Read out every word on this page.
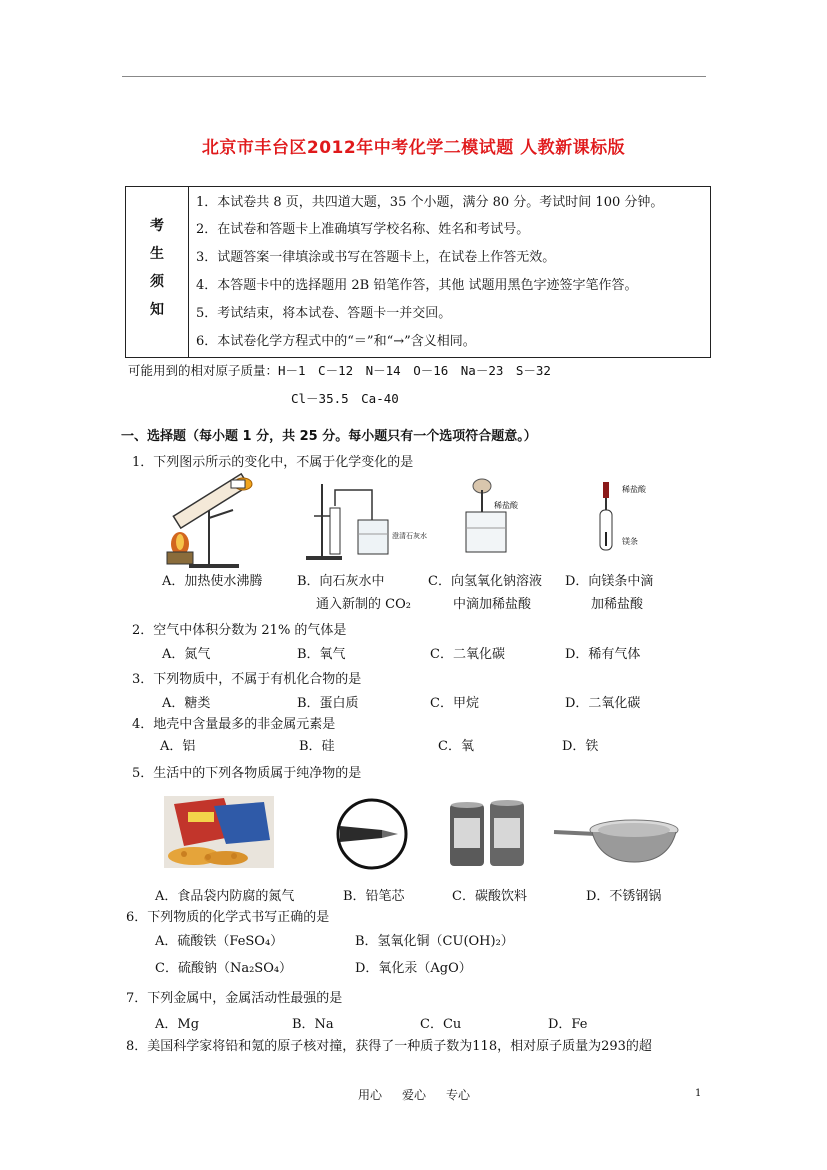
北京市丰台区2012年中考化学二模试题 人教新课标版
考
生
须
知
1．本试卷共 8 页，共四道大题，35 个小题，满分 80 分。考试时间 100 分钟。
2．在试卷和答题卡上准确填写学校名称、姓名和考试号。
3．试题答案一律填涂或书写在答题卡上，在试卷上作答无效。
4．本答题卡中的选择题用 2B 铅笔作答，其他 试题用黑色字迹签字笔作答。
5．考试结束，将本试卷、答题卡一并交回。
6．本试卷化学方程式中的“＝”和“→”含义相同。
可能用到的相对原子质量：H－1　C－12　N－14　O－16　Na－23　S－32
Cl－35.5　Ca-40
一、选择题（每小题 1 分，共 25 分。每小题只有一个选项符合题意。）
1．下列图示所示的变化中，不属于化学变化的是
澄清石灰水
稀盐酸
稀盐酸
镁条
A．加热使水沸腾	B．向石灰水中
通入新制的 CO₂
C．向氢氧化钠溶液
中滴加稀盐酸
D．向镁条中滴
加稀盐酸
2．空气中体积分数为 21% 的气体是
A．氮气	B．氧气	C．二氧化碳	D．稀有气体
3．下列物质中，不属于有机化合物的是
A．糖类	B．蛋白质	C．甲烷	D．二氧化碳
4．地壳中含量最多的非金属元素是
A．铝	B．硅	C．氧	D．铁
5．生活中的下列各物质属于纯净物的是
A．食品袋内防腐的氮气	B．铅笔芯	C．碳酸饮料	D．不锈钢锅
6．下列物质的化学式书写正确的是
A．硫酸铁（FeSO₄）	B．氢氧化铜（CU(OH)₂）
C．硫酸钠（Na₂SO₄）	D．氧化汞（AgO）
7．下列金属中，金属活动性最强的是
A．Mg	B．Na	C．Cu	D．Fe
8．美国科学家将铅和氪的原子核对撞，获得了一种质子数为118，相对原子质量为293的超
用心 爱心 专心	1
